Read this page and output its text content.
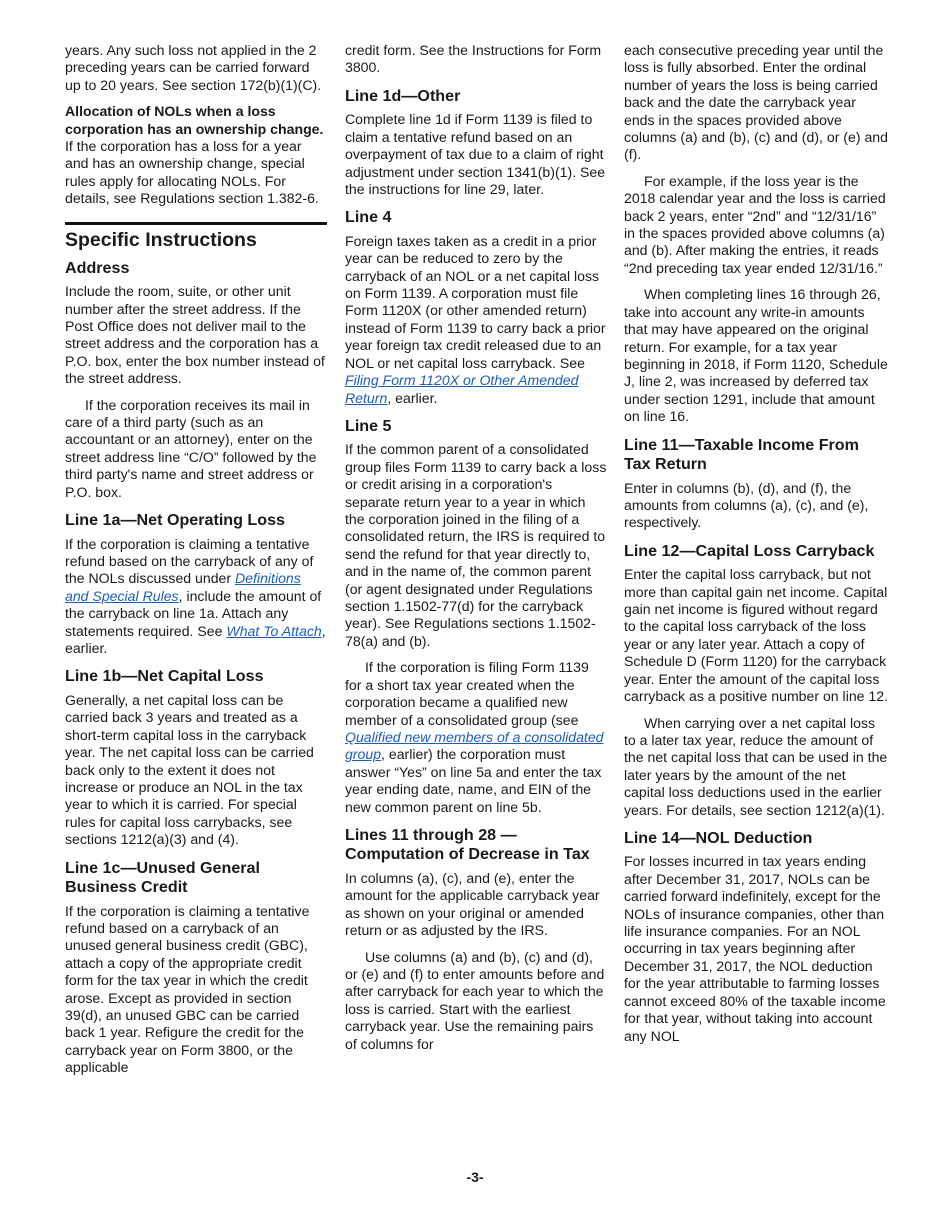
years. Any such loss not applied in the 2 preceding years can be carried forward up to 20 years. See section 172(b)(1)(C).

Allocation of NOLs when a loss corporation has an ownership change. If the corporation has a loss for a year and has an ownership change, special rules apply for allocating NOLs. For details, see Regulations section 1.382-6.

Specific Instructions
Address

Include the room, suite, or other unit number after the street address. If the Post Office does not deliver mail to the street address and the corporation has a P.O. box, enter the box number instead of the street address.

If the corporation receives its mail in care of a third party (such as an accountant or an attorney), enter on the street address line “C/O” followed by the third party's name and street address or P.O. box.

Line 1a—Net Operating Loss

If the corporation is claiming a tentative refund based on the carryback of any of the NOLs discussed under Definitions and Special Rules, include the amount of the carryback on line 1a. Attach any statements required. See What To Attach, earlier.

Line 1b—Net Capital Loss

Generally, a net capital loss can be carried back 3 years and treated as a short-term capital loss in the carryback year. The net capital loss can be carried back only to the extent it does not increase or produce an NOL in the tax year to which it is carried. For special rules for capital loss carrybacks, see sections 1212(a)(3) and (4).

Line 1c—Unused General Business Credit

If the corporation is claiming a tentative refund based on a carryback of an unused general business credit (GBC), attach a copy of the appropriate credit form for the tax year in which the credit arose. Except as provided in section 39(d), an unused GBC can be carried back 1 year. Refigure the credit for the carryback year on Form 3800, or the applicable

credit form. See the Instructions for Form 3800.

Line 1d—Other

Complete line 1d if Form 1139 is filed to claim a tentative refund based on an overpayment of tax due to a claim of right adjustment under section 1341(b)(1). See the instructions for line 29, later.

Line 4

Foreign taxes taken as a credit in a prior year can be reduced to zero by the carryback of an NOL or a net capital loss on Form 1139. A corporation must file Form 1120X (or other amended return) instead of Form 1139 to carry back a prior year foreign tax credit released due to an NOL or net capital loss carryback. See Filing Form 1120X or Other Amended Return, earlier.

Line 5

If the common parent of a consolidated group files Form 1139 to carry back a loss or credit arising in a corporation's separate return year to a year in which the corporation joined in the filing of a consolidated return, the IRS is required to send the refund for that year directly to, and in the name of, the common parent (or agent designated under Regulations section 1.1502-77(d) for the carryback year). See Regulations sections 1.1502-78(a) and (b).

If the corporation is filing Form 1139 for a short tax year created when the corporation became a qualified new member of a consolidated group (see Qualified new members of a consolidated group, earlier) the corporation must answer “Yes” on line 5a and enter the tax year ending date, name, and EIN of the new common parent on line 5b.

Lines 11 through 28 — Computation of Decrease in Tax

In columns (a), (c), and (e), enter the amount for the applicable carryback year as shown on your original or amended return or as adjusted by the IRS.

Use columns (a) and (b), (c) and (d), or (e) and (f) to enter amounts before and after carryback for each year to which the loss is carried. Start with the earliest carryback year. Use the remaining pairs of columns for

each consecutive preceding year until the loss is fully absorbed. Enter the ordinal number of years the loss is being carried back and the date the carryback year ends in the spaces provided above columns (a) and (b), (c) and (d), or (e) and (f).

For example, if the loss year is the 2018 calendar year and the loss is carried back 2 years, enter “2nd” and “12/31/16” in the spaces provided above columns (a) and (b). After making the entries, it reads “2nd preceding tax year ended 12/31/16.”

When completing lines 16 through 26, take into account any write-in amounts that may have appeared on the original return. For example, for a tax year beginning in 2018, if Form 1120, Schedule J, line 2, was increased by deferred tax under section 1291, include that amount on line 16.

Line 11—Taxable Income From Tax Return

Enter in columns (b), (d), and (f), the amounts from columns (a), (c), and (e), respectively.

Line 12—Capital Loss Carryback

Enter the capital loss carryback, but not more than capital gain net income. Capital gain net income is figured without regard to the capital loss carryback of the loss year or any later year. Attach a copy of Schedule D (Form 1120) for the carryback year. Enter the amount of the capital loss carryback as a positive number on line 12.

When carrying over a net capital loss to a later tax year, reduce the amount of the net capital loss that can be used in the later years by the amount of the net capital loss deductions used in the earlier years. For details, see section 1212(a)(1).

Line 14—NOL Deduction

For losses incurred in tax years ending after December 31, 2017, NOLs can be carried forward indefinitely, except for the NOLs of insurance companies, other than life insurance companies. For an NOL occurring in tax years beginning after December 31, 2017, the NOL deduction for the year attributable to farming losses cannot exceed 80% of the taxable income for that year, without taking into account any NOL

-3-
